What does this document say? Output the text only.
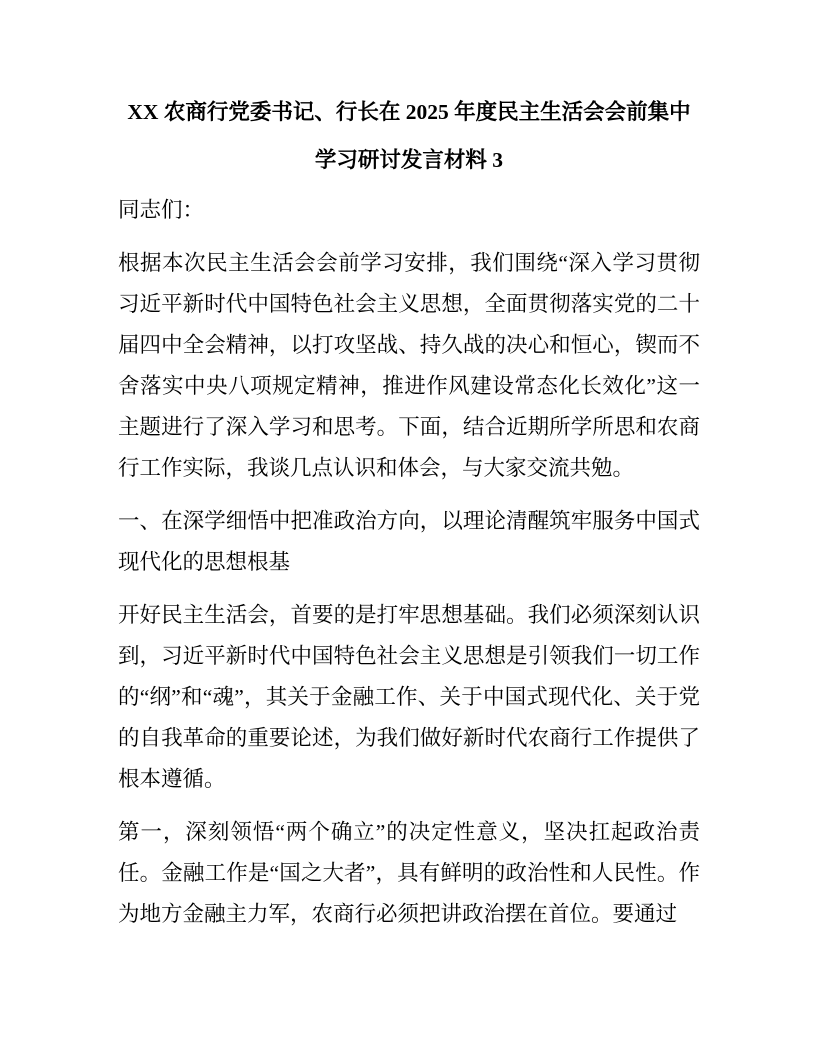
XX 农商行党委书记、行长在 2025 年度民主生活会会前集中学习研讨发言材料 3

同志们：

根据本次民主生活会会前学习安排，我们围绕“深入学习贯彻习近平新时代中国特色社会主义思想，全面贯彻落实党的二十届四中全会精神，以打攻坚战、持久战的决心和恒心，锲而不舍落实中央八项规定精神，推进作风建设常态化长效化”这一主题进行了深入学习和思考。下面，结合近期所学所思和农商行工作实际，我谈几点认识和体会，与大家交流共勉。

一、在深学细悟中把准政治方向，以理论清醒筑牢服务中国式现代化的思想根基

开好民主生活会，首要的是打牢思想基础。我们必须深刻认识到，习近平新时代中国特色社会主义思想是引领我们一切工作的“纲”和“魂”，其关于金融工作、关于中国式现代化、关于党的自我革命的重要论述，为我们做好新时代农商行工作提供了根本遵循。

第一，深刻领悟“两个确立”的决定性意义，坚决扛起政治责任。金融工作是“国之大者”，具有鲜明的政治性和人民性。作为地方金融主力军，农商行必须把讲政治摆在首位。要通过
